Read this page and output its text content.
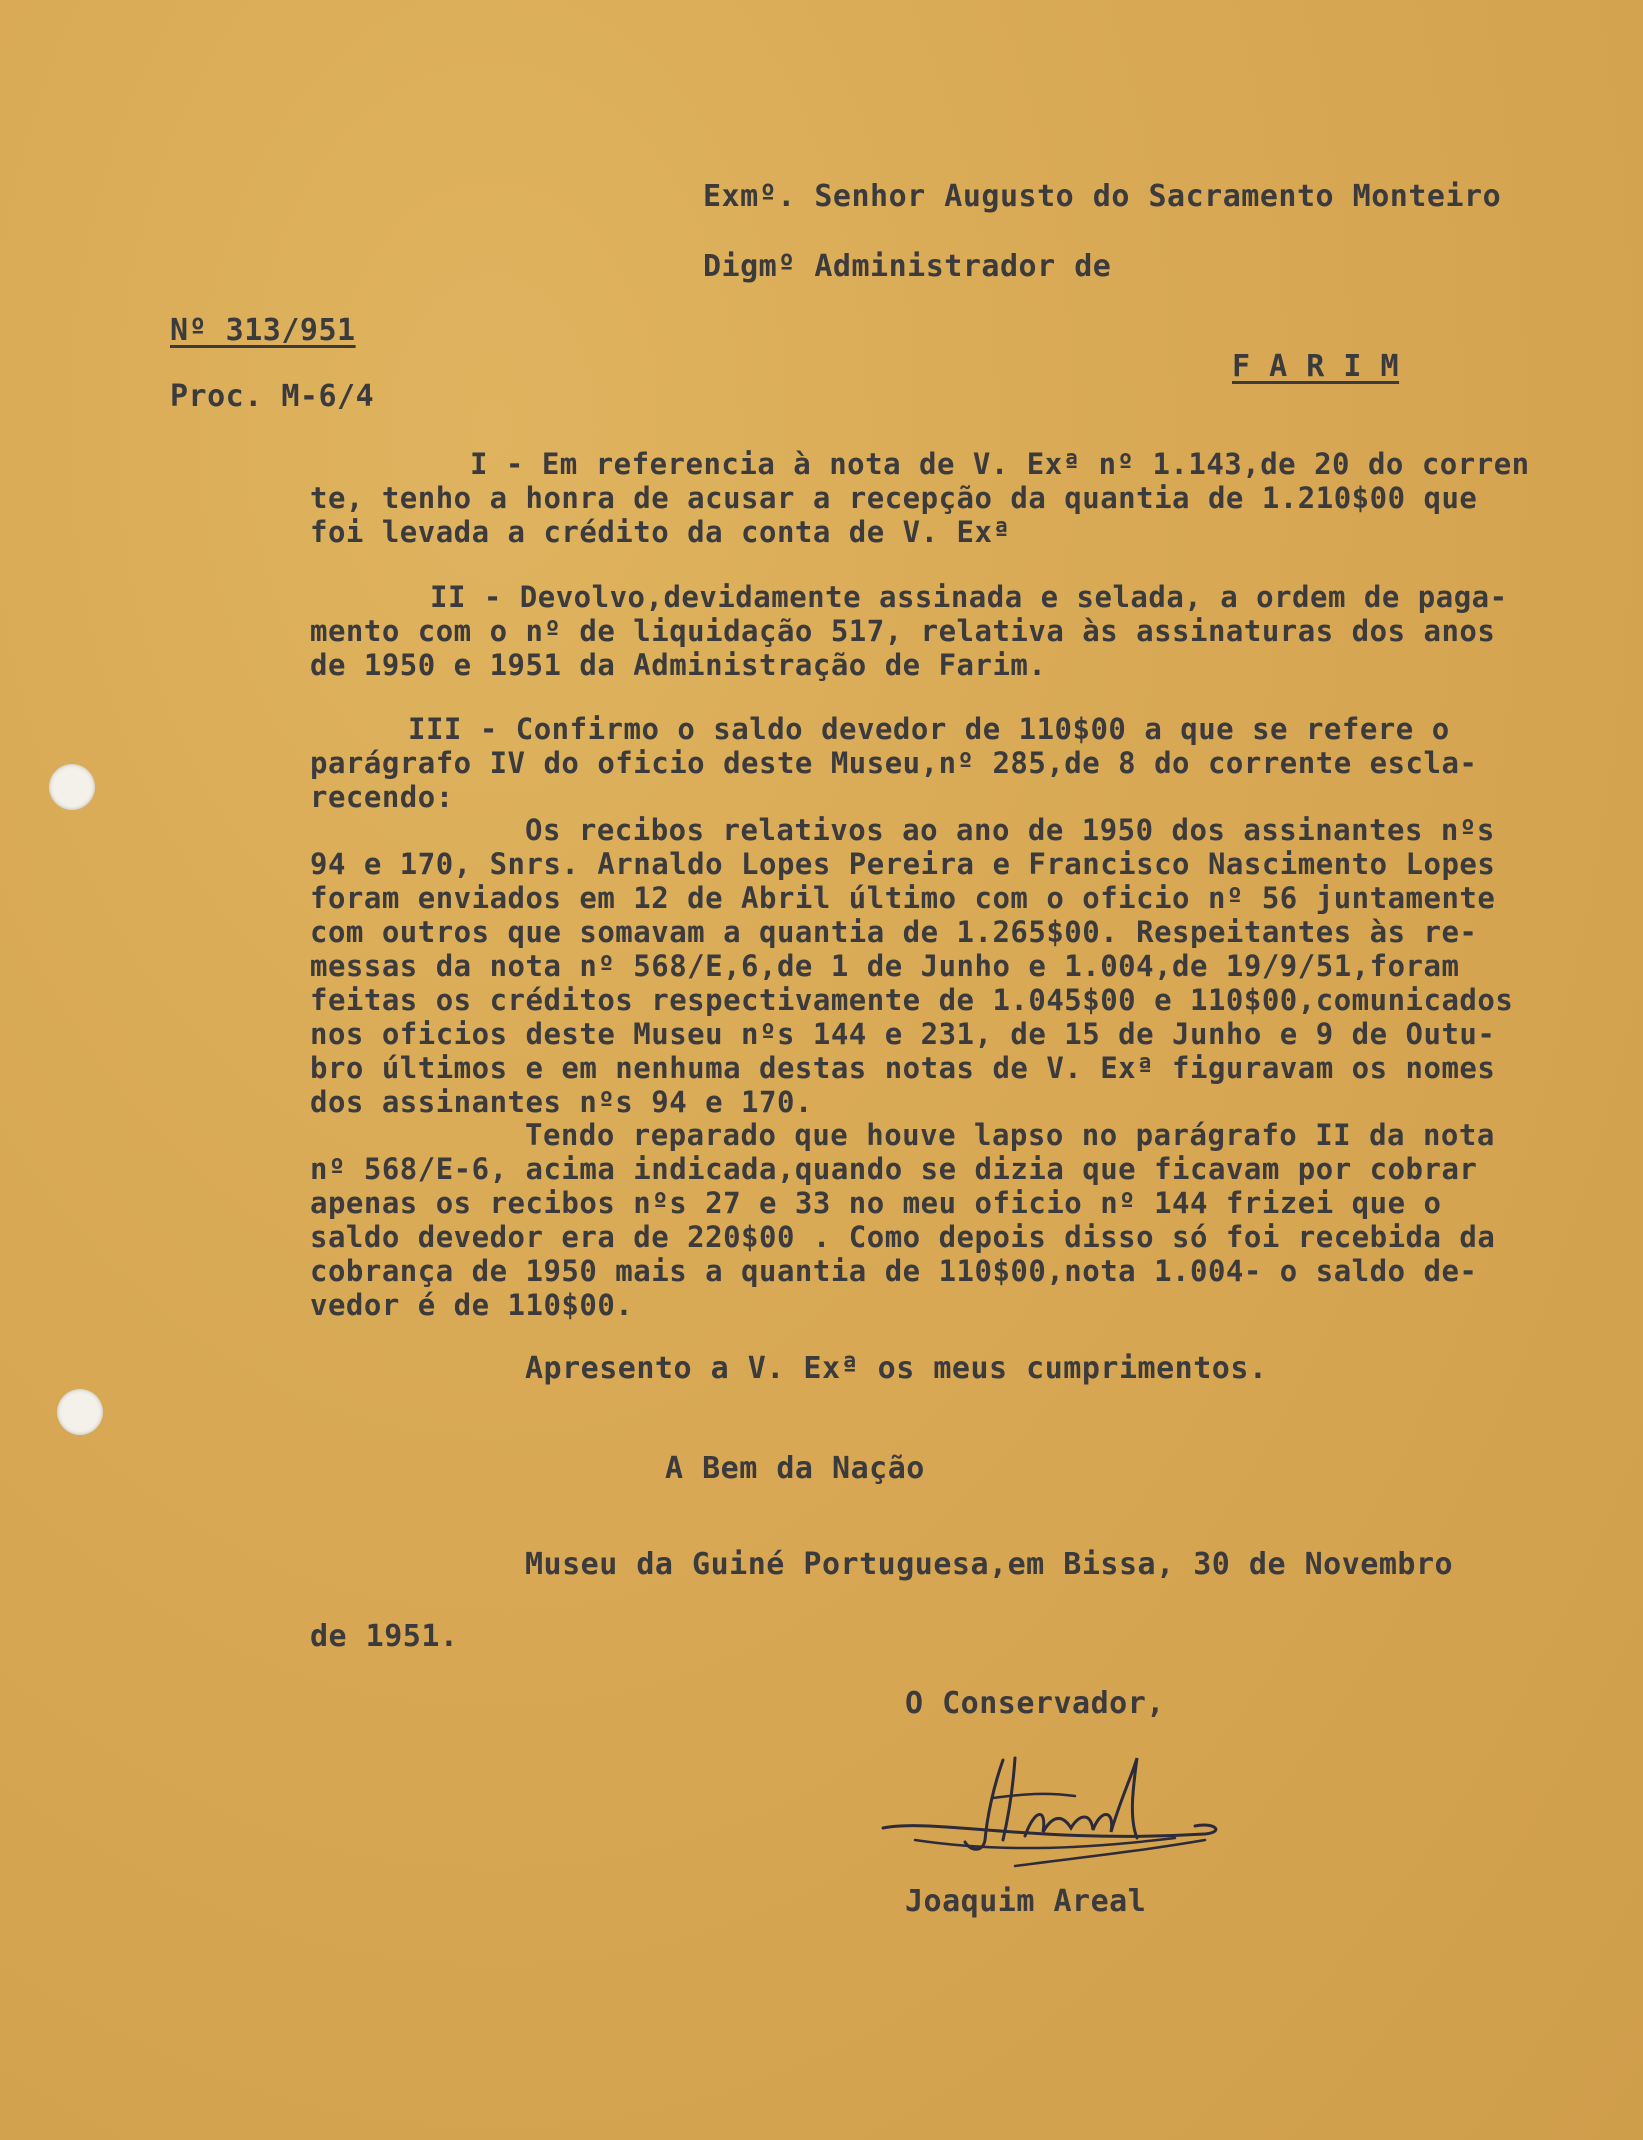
Exmº. Senhor Augusto do Sacramento Monteiro
Digmº Administrador de
Nº 313/951
F A R I M
Proc. M-6/4
I - Em referencia à nota de V. Exª nº 1.143,de 20 do corren
te, tenho a honra de acusar a recepção da quantia de 1.210$00 que
foi levada a crédito da conta de V. Exª
II - Devolvo,devidamente assinada e selada, a ordem de paga-
mento com o nº de liquidação 517, relativa às assinaturas dos anos
de 1950 e 1951 da Administração de Farim.
III - Confirmo o saldo devedor de 110$00 a que se refere o
parágrafo IV do oficio deste Museu,nº 285,de 8 do corrente escla-
recendo:
Os recibos relativos ao ano de 1950 dos assinantes nºs
94 e 170, Snrs. Arnaldo Lopes Pereira e Francisco Nascimento Lopes
foram enviados em 12 de Abril último com o oficio nº 56 juntamente
com outros que somavam a quantia de 1.265$00. Respeitantes às re-
messas da nota nº 568/E,6,de 1 de Junho e 1.004,de 19/9/51,foram
feitas os créditos respectivamente de 1.045$00 e 110$00,comunicados
nos oficios deste Museu nºs 144 e 231, de 15 de Junho e 9 de Outu-
bro últimos e em nenhuma destas notas de V. Exª figuravam os nomes
dos assinantes nºs 94 e 170.
Tendo reparado que houve lapso no parágrafo II da nota
nº 568/E-6, acima indicada,quando se dizia que ficavam por cobrar
apenas os recibos nºs 27 e 33 no meu oficio nº 144 frizei que o
saldo devedor era de 220$00 . Como depois disso só foi recebida da
cobrança de 1950 mais a quantia de 110$00,nota 1.004- o saldo de-
vedor é de 110$00.
Apresento a V. Exª os meus cumprimentos.
A Bem da Nação
Museu da Guiné Portuguesa,em Bissa, 30 de Novembro
de 1951.
O Conservador,
Joaquim Areal
